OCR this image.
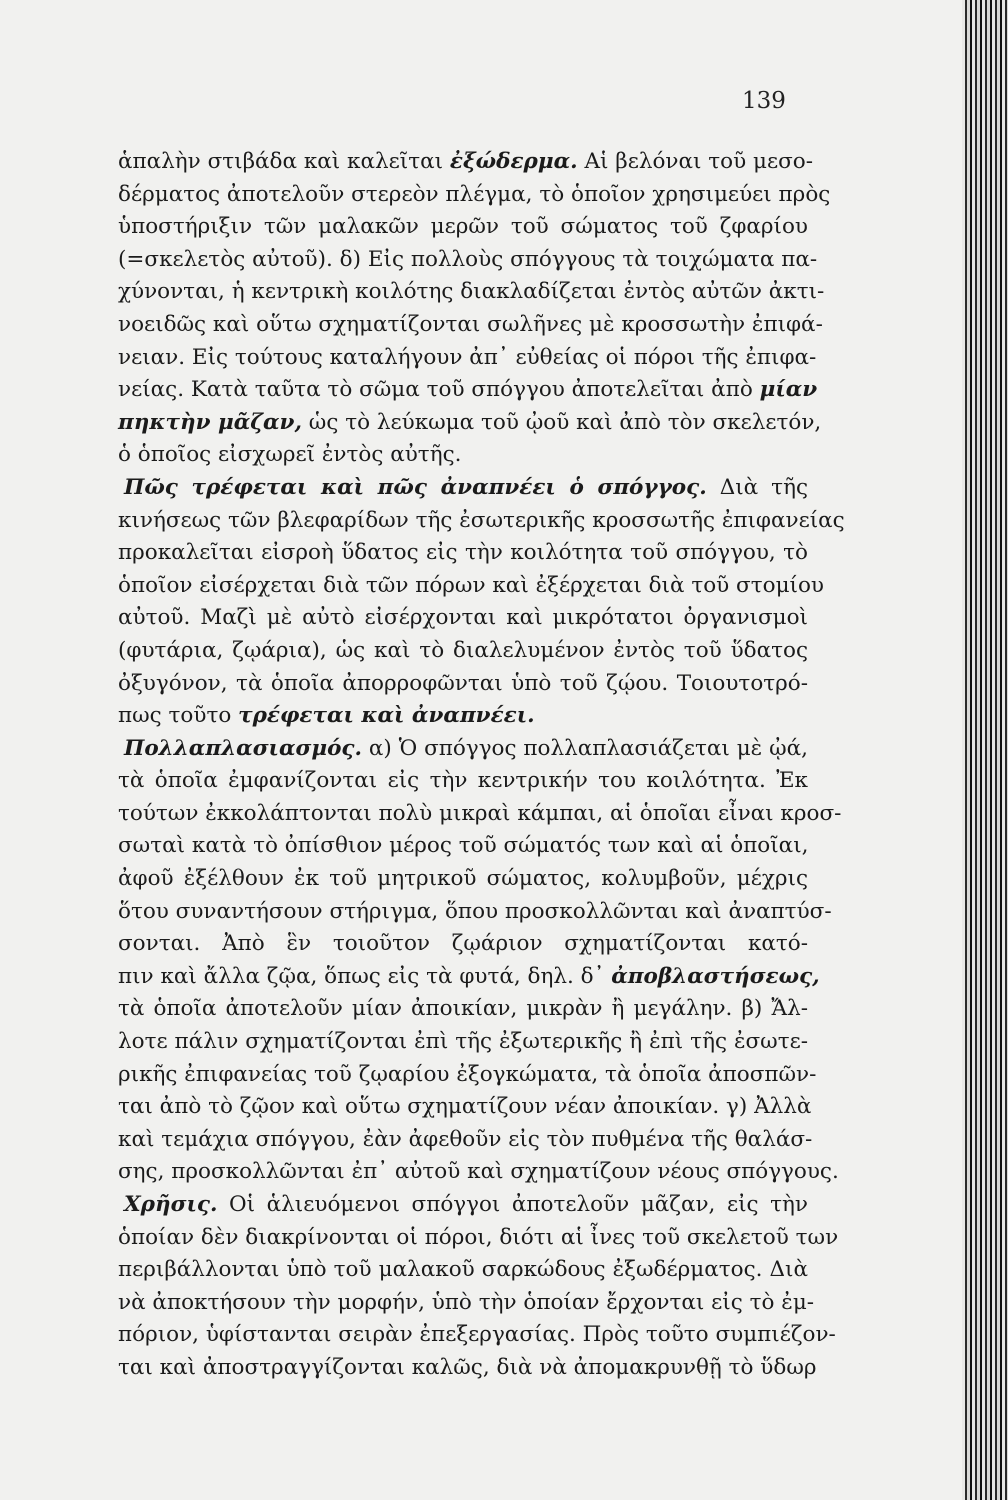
139
ἁπαλὴν στιβάδα καὶ καλεῖται ἐξώδερμα. Αἱ βελόναι τοῦ μεσο-
δέρματος ἀποτελοῦν στερεὸν πλέγμα, τὸ ὁποῖον χρησιμεύει πρὸς
ὑποστήριξιν τῶν μαλακῶν μερῶν τοῦ σώματος τοῦ ζφαρίου
(=σκελετὸς αὐτοῦ). δ) Εἰς πολλοὺς σπόγγους τὰ τοιχώματα πα-
χύνονται, ἡ κεντρικὴ κοιλότης διακλαδίζεται ἐντὸς αὐτῶν ἀκτι-
νοειδῶς καὶ οὕτω σχηματίζονται σωλῆνες μὲ κροσσωτὴν ἐπιφά-
νειαν. Εἰς τούτους καταλήγουν ἀπ᾽ εὐθείας οἱ πόροι τῆς ἐπιφα-
νείας. Κατὰ ταῦτα τὸ σῶμα τοῦ σπόγγου ἀποτελεῖται ἀπὸ μίαν
πηκτὴν μᾶζαν, ὡς τὸ λεύκωμα τοῦ ᾠοῦ καὶ ἀπὸ τὸν σκελετόν,
ὁ ὁποῖος εἰσχωρεῖ ἐντὸς αὐτῆς.
Πῶς τρέφεται καὶ πῶς ἀναπνέει ὁ σπόγγος. Διὰ τῆς
κινήσεως τῶν βλεφαρίδων τῆς ἐσωτερικῆς κροσσωτῆς ἐπιφανείας
προκαλεῖται εἰσροὴ ὕδατος εἰς τὴν κοιλότητα τοῦ σπόγγου, τὸ
ὁποῖον εἰσέρχεται διὰ τῶν πόρων καὶ ἐξέρχεται διὰ τοῦ στομίου
αὐτοῦ. Μαζὶ μὲ αὐτὸ εἰσέρχονται καὶ μικρότατοι ὀργανισμοὶ
(φυτάρια, ζῳάρια), ὡς καὶ τὸ διαλελυμένον ἐντὸς τοῦ ὕδατος
ὀξυγόνον, τὰ ὁποῖα ἀπορροφῶνται ὑπὸ τοῦ ζῴου. Τοιουτοτρό-
πως τοῦτο τρέφεται καὶ ἀναπνέει.
Πολλαπλασιασμός. α) Ὁ σπόγγος πολλαπλασιάζεται μὲ ᾠά,
τὰ ὁποῖα ἐμφανίζονται εἰς τὴν κεντρικήν του κοιλότητα. Ἐκ
τούτων ἐκκολάπτονται πολὺ μικραὶ κάμπαι, αἱ ὁποῖαι εἶναι κροσ-
σωταὶ κατὰ τὸ ὀπίσθιον μέρος τοῦ σώματός των καὶ αἱ ὁποῖαι,
ἀφοῦ ἐξέλθουν ἐκ τοῦ μητρικοῦ σώματος, κολυμβοῦν, μέχρις
ὅτου συναντήσουν στήριγμα, ὅπου προσκολλῶνται καὶ ἀναπτύσ-
σονται. Ἀπὸ ἓν τοιοῦτον ζῳάριον σχηματίζονται κατό-
πιν καὶ ἄλλα ζῷα, ὅπως εἰς τὰ φυτά, δηλ. δ᾽ ἀποβλαστήσεως,
τὰ ὁποῖα ἀποτελοῦν μίαν ἀποικίαν, μικρὰν ἢ μεγάλην. β) Ἄλ-
λοτε πάλιν σχηματίζονται ἐπὶ τῆς ἐξωτερικῆς ἢ ἐπὶ τῆς ἐσωτε-
ρικῆς ἐπιφανείας τοῦ ζῳαρίου ἐξογκώματα, τὰ ὁποῖα ἀποσπῶν-
ται ἀπὸ τὸ ζῷον καὶ οὕτω σχηματίζουν νέαν ἀποικίαν. γ) Ἀλλὰ
καὶ τεμάχια σπόγγου, ἐὰν ἀφεθοῦν εἰς τὸν πυθμένα τῆς θαλάσ-
σης, προσκολλῶνται ἐπ᾽ αὐτοῦ καὶ σχηματίζουν νέους σπόγγους.
Χρῆσις. Οἱ ἁλιευόμενοι σπόγγοι ἀποτελοῦν μᾶζαν, εἰς τὴν
ὁποίαν δὲν διακρίνονται οἱ πόροι, διότι αἱ ἶνες τοῦ σκελετοῦ των
περιβάλλονται ὑπὸ τοῦ μαλακοῦ σαρκώδους ἐξωδέρματος. Διὰ
νὰ ἀποκτήσουν τὴν μορφήν, ὑπὸ τὴν ὁποίαν ἔρχονται εἰς τὸ ἐμ-
πόριον, ὑφίστανται σειρὰν ἐπεξεργασίας. Πρὸς τοῦτο συμπιέζον-
ται καὶ ἀποστραγγίζονται καλῶς, διὰ νὰ ἀπομακρυνθῇ τὸ ὕδωρ
